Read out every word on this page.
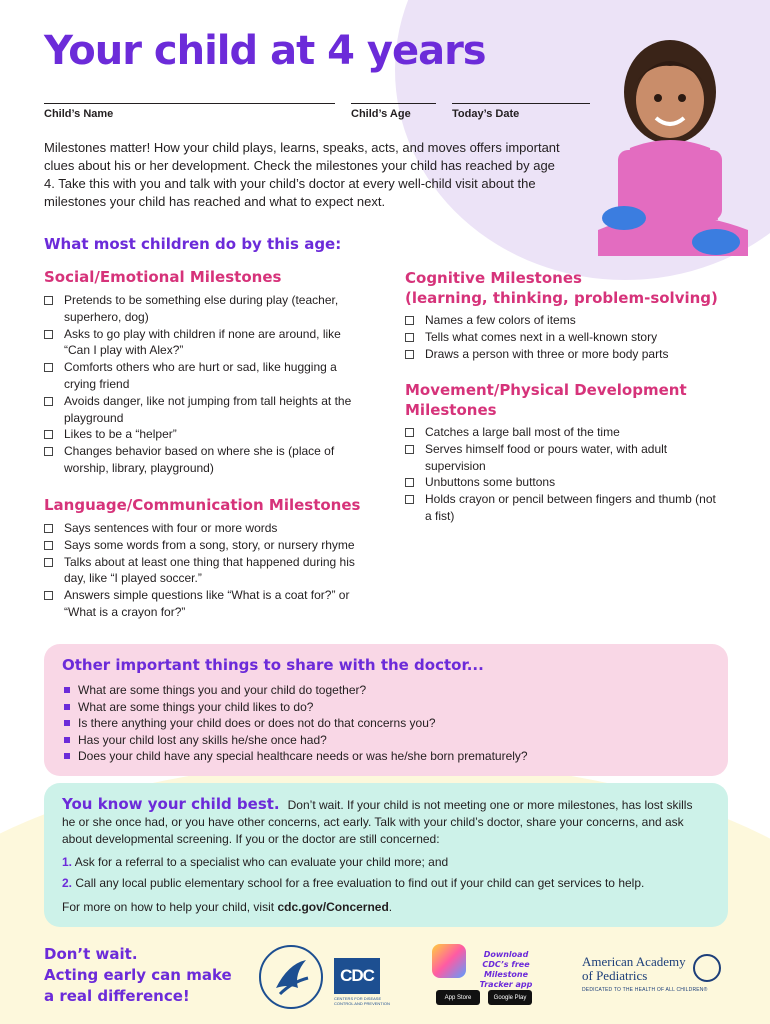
Your child at 4 years
Child’s Name	Child’s Age	Today’s Date

Milestones matter! How your child plays, learns, speaks, acts, and moves offers important clues about his or her development. Check the milestones your child has reached by age 4. Take this with you and talk with your child’s doctor at every well-child visit about the milestones your child has reached and what to expect next.

What most children do by this age:
Social/Emotional Milestones
Pretends to be something else during play (teacher, superhero, dog)
Asks to go play with children if none are around, like “Can I play with Alex?”
Comforts others who are hurt or sad, like hugging a crying friend
Avoids danger, like not jumping from tall heights at the playground
Likes to be a “helper”
Changes behavior based on where she is (place of worship, library, playground)
Language/Communication Milestones
Says sentences with four or more words
Says some words from a song, story, or nursery rhyme
Talks about at least one thing that happened during his day, like “I played soccer.”
Answers simple questions like “What is a coat for?” or “What is a crayon for?”
Cognitive Milestones
(learning, thinking, problem-solving)
Names a few colors of items
Tells what comes next in a well-known story
Draws a person with three or more body parts
Movement/Physical Development
Milestones
Catches a large ball most of the time
Serves himself food or pours water, with adult supervision
Unbuttons some buttons
Holds crayon or pencil between fingers and thumb (not a fist)
Other important things to share with the doctor...
What are some things you and your child do together?
What are some things your child likes to do?
Is there anything your child does or does not do that concerns you?
Has your child lost any skills he/she once had?
Does your child have any special healthcare needs or was he/she born prematurely?

You know your child best. Don’t wait. If your child is not meeting one or more milestones, has lost skills he or she once had, or you have other concerns, act early. Talk with your child’s doctor, share your concerns, and ask about developmental screening. If you or the doctor are still concerned:

1. Ask for a referral to a specialist who can evaluate your child more; and
2. Call any local public elementary school for a free evaluation to find out if your child can get services to help.
For more on how to help your child, visit cdc.gov/Concerned.
Don’t wait.
Acting early can make
a real difference!
CDC
CENTERS FOR DISEASE CONTROL AND PREVENTION
Download CDC’s free Milestone Tracker app
App Store	Google Play
American Academy
of Pediatrics
DEDICATED TO THE HEALTH OF ALL CHILDREN®
